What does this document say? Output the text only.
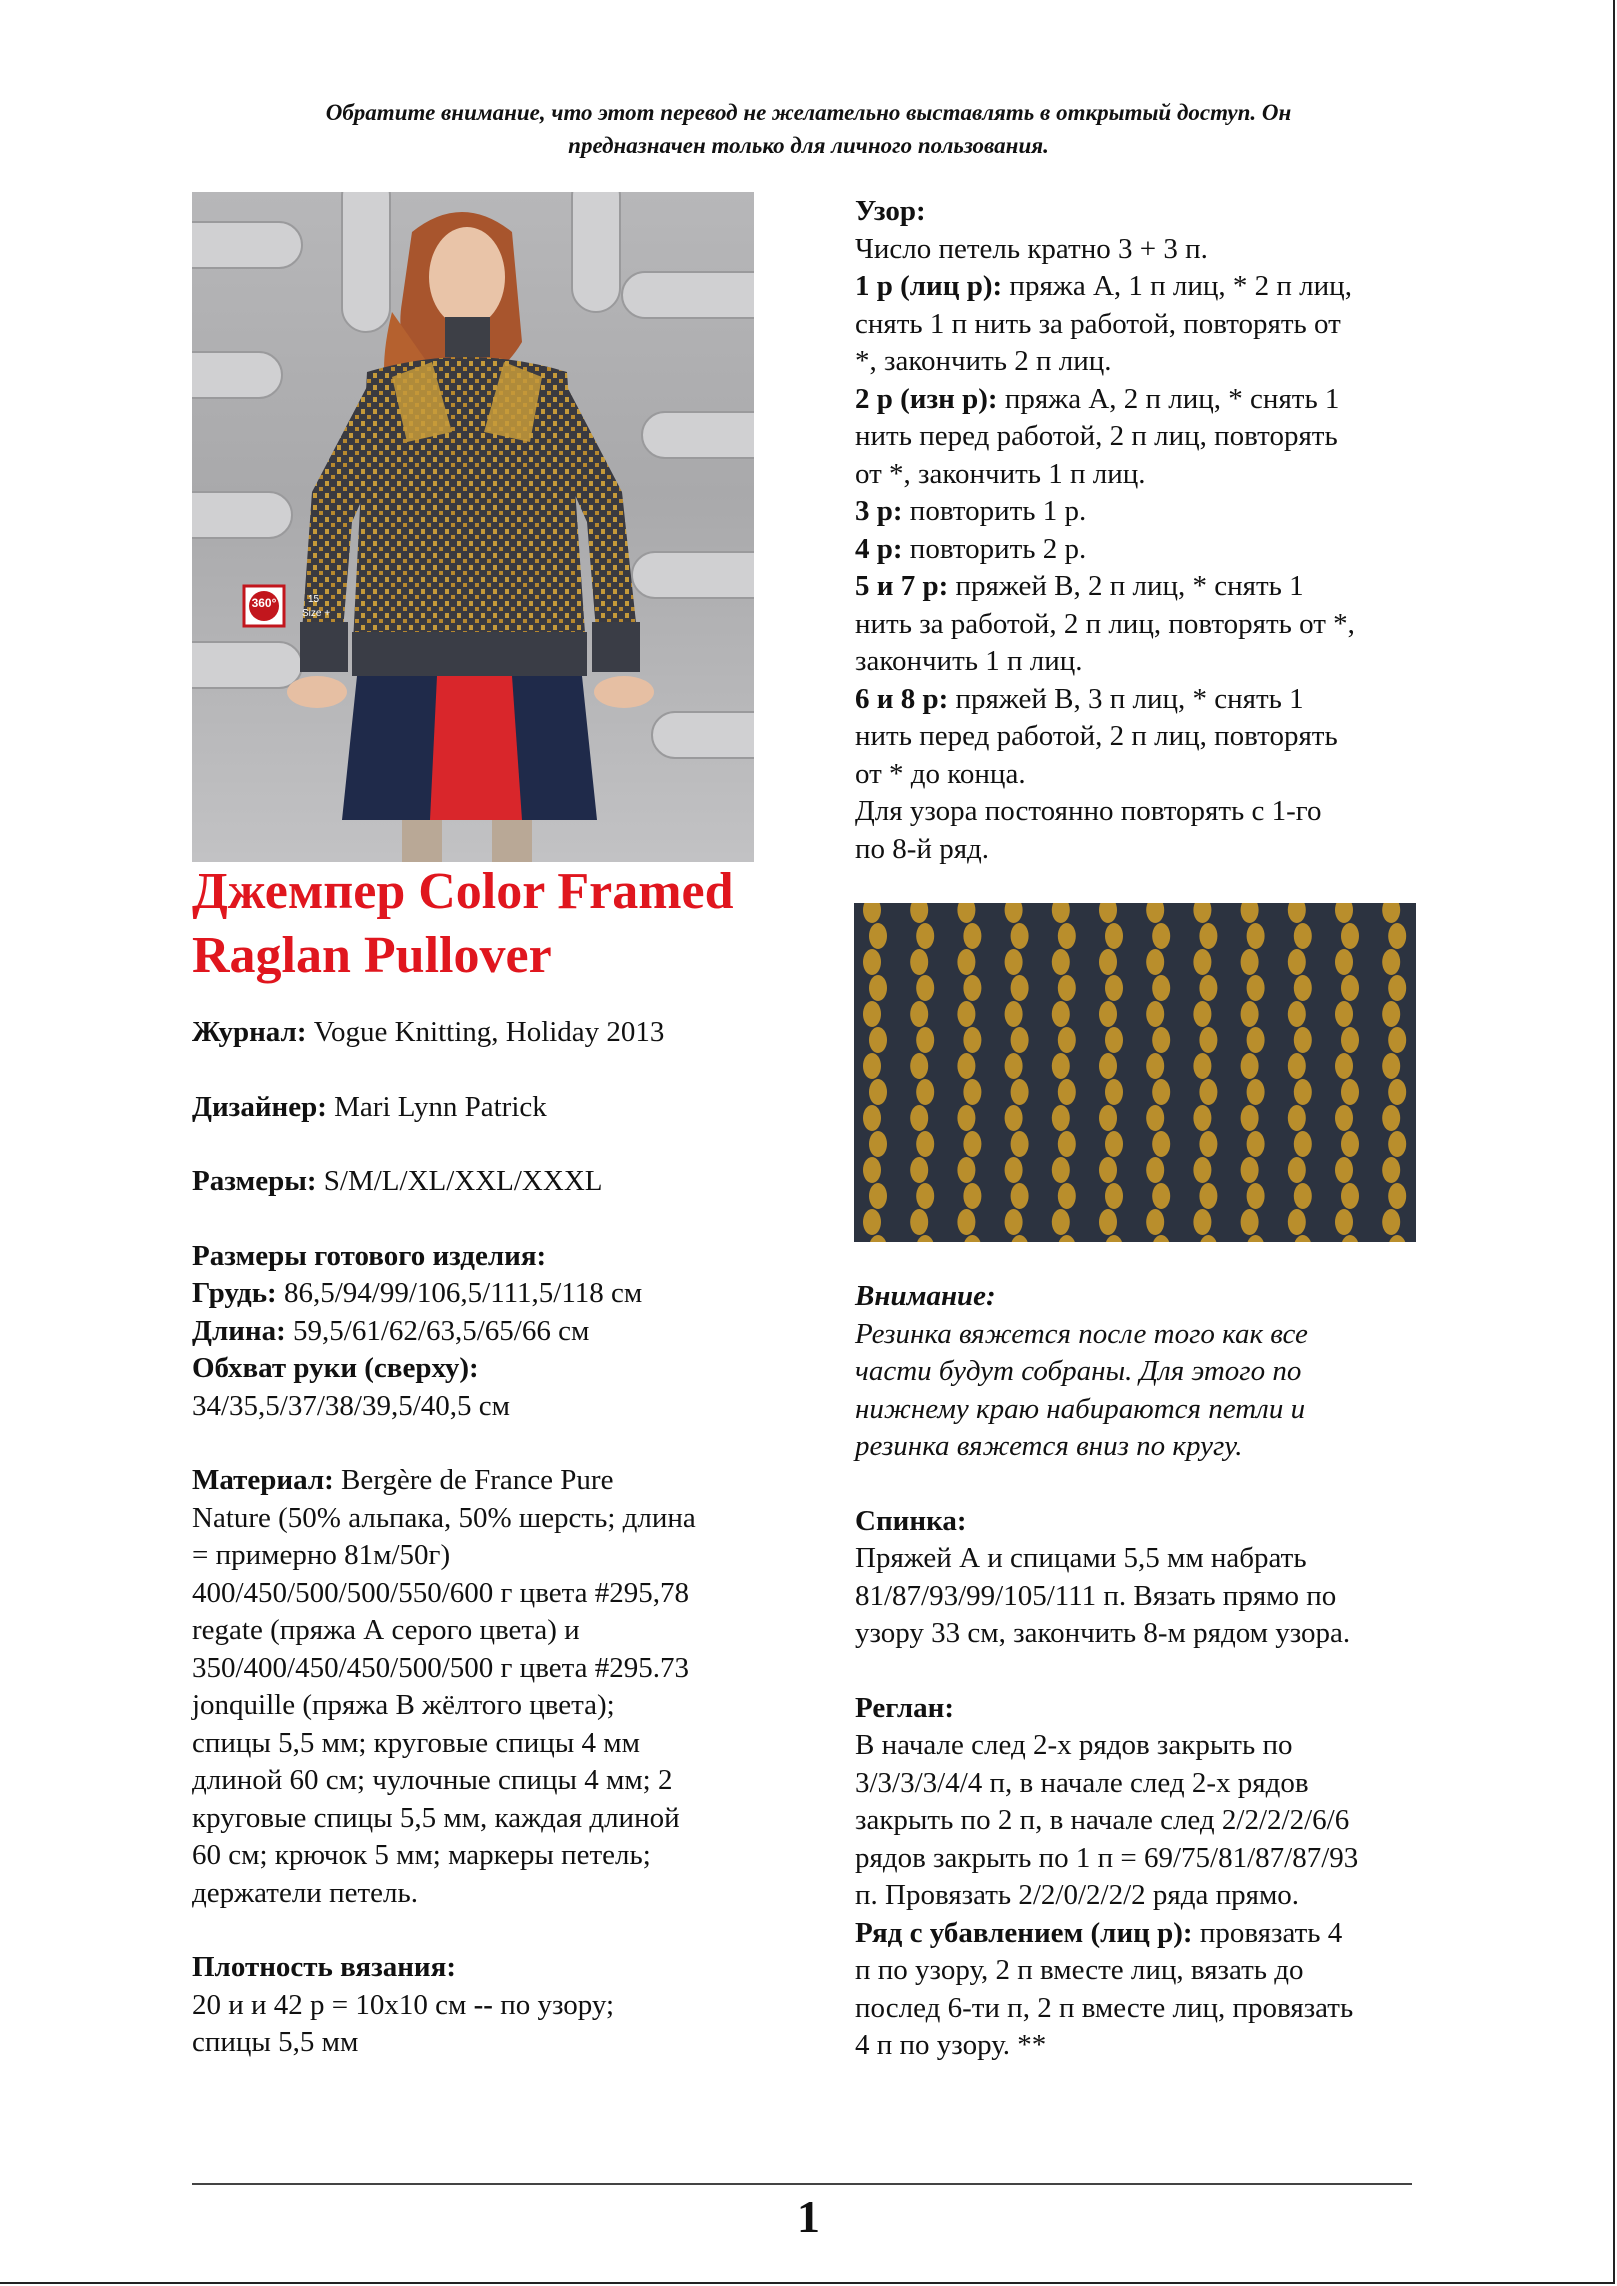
Обратите внимание, что этот перевод не желательно выставлять в открытый доступ. Он
предназначен только для личного пользования.
360°	15
Size +
Джемпер Color Framed
Raglan Pullover
Журнал: Vogue Knitting, Holiday 2013
Дизайнер: Mari Lynn Patrick
Размеры: S/M/L/XL/XXL/XXXL
Размеры готового изделия:
Грудь: 86,5/94/99/106,5/111,5/118 см
Длина: 59,5/61/62/63,5/65/66 см
Обхват руки (сверху):
34/35,5/37/38/39,5/40,5 см
Материал: Bergère de France Pure
Nature (50% альпака, 50% шерсть; длина
= примерно 81м/50г)
400/450/500/500/550/600 г цвета #295,78
regate (пряжа А серого цвета) и
350/400/450/450/500/500 г цвета #295.73
jonquille (пряжа В жёлтого цвета);
спицы 5,5 мм; круговые спицы 4 мм
длиной 60 см; чулочные спицы 4 мм; 2
круговые спицы 5,5 мм, каждая длиной
60 см; крючок 5 мм; маркеры петель;
держатели петель.
Плотность вязания:
20 и и 42 р = 10х10 см -- по узору;
спицы 5,5 мм
Узор:
Число петель кратно 3 + 3 п.
1 р (лиц р): пряжа А, 1 п лиц, * 2 п лиц,
снять 1 п нить за работой, повторять от
*, закончить 2 п лиц.
2 р (изн р): пряжа А, 2 п лиц, * снять 1
нить перед работой, 2 п лиц, повторять
от *, закончить 1 п лиц.
3 р: повторить 1 р.
4 р: повторить 2 р.
5 и 7 р: пряжей В, 2 п лиц, * снять 1
нить за работой, 2 п лиц, повторять от *,
закончить 1 п лиц.
6 и 8 р: пряжей В, 3 п лиц, * снять 1
нить перед работой, 2 п лиц, повторять
от * до конца.
Для узора постоянно повторять с 1-го
по 8-й ряд.
Внимание:
Резинка вяжется после того как все
части будут собраны. Для этого по
нижнему краю набираются петли и
резинка вяжется вниз по кругу.
Спинка:
Пряжей А и спицами 5,5 мм набрать
81/87/93/99/105/111 п. Вязать прямо по
узору 33 см, закончить 8-м рядом узора.
Реглан:
В начале след 2-х рядов закрыть по
3/3/3/3/4/4 п, в начале след 2-х рядов
закрыть по 2 п, в начале след 2/2/2/2/6/6
рядов закрыть по 1 п = 69/75/81/87/87/93
п. Провязать 2/2/0/2/2/2 ряда прямо.
Ряд с убавлением (лиц р): провязать 4
п по узору, 2 п вместе лиц, вязать до
послед 6-ти п, 2 п вместе лиц, провязать
4 п по узору. **
1
